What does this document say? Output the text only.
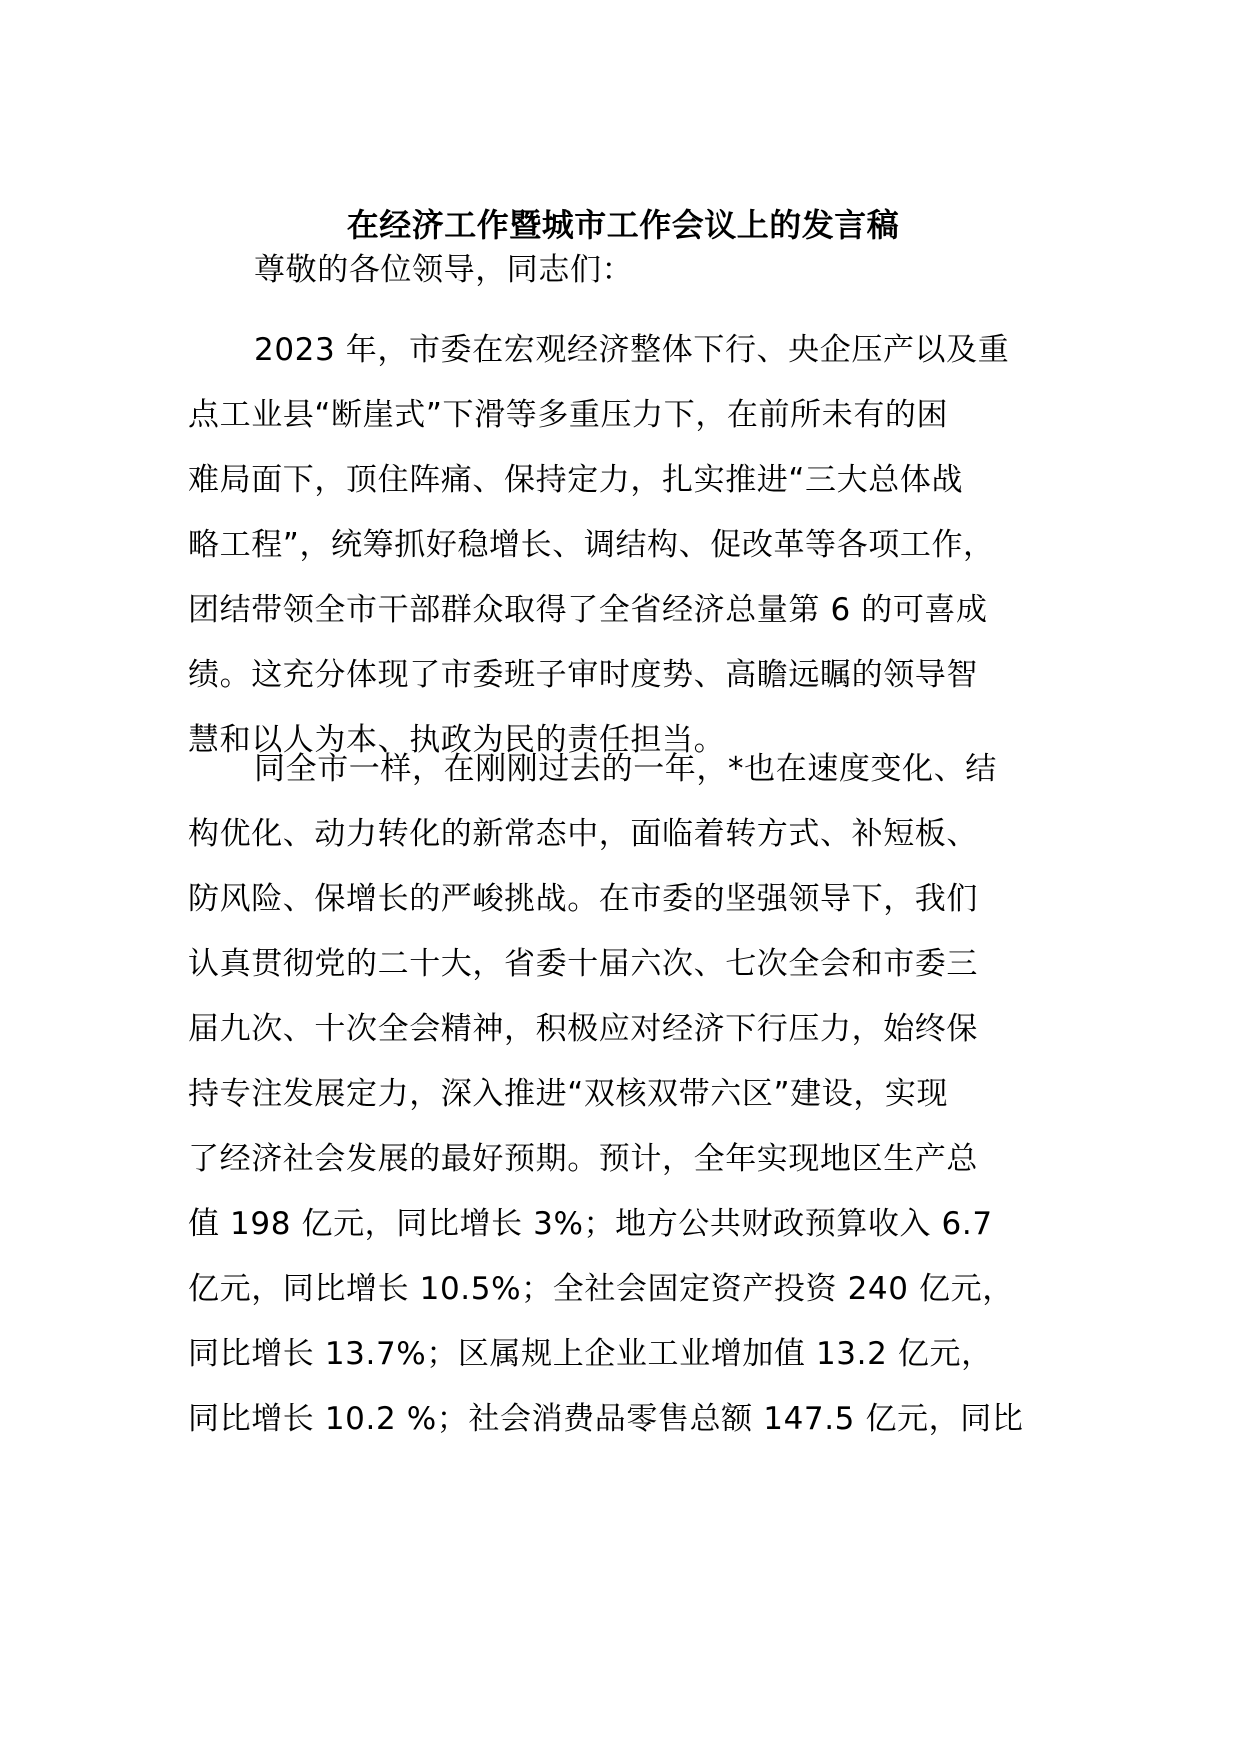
在经济工作暨城市工作会议上的发言稿

尊敬的各位领导，同志们：

2023 年，市委在宏观经济整体下行、央企压产以及重

点工业县“断崖式”下滑等多重压力下，在前所未有的困

难局面下，顶住阵痛、保持定力，扎实推进“三大总体战

略工程”，统筹抓好稳增长、调结构、促改革等各项工作，

团结带领全市干部群众取得了全省经济总量第 6 的可喜成

绩。这充分体现了市委班子审时度势、高瞻远瞩的领导智

慧和以人为本、执政为民的责任担当。

同全市一样，在刚刚过去的一年，*也在速度变化、结

构优化、动力转化的新常态中，面临着转方式、补短板、

防风险、保增长的严峻挑战。在市委的坚强领导下，我们

认真贯彻党的二十大，省委十届六次、七次全会和市委三

届九次、十次全会精神，积极应对经济下行压力，始终保

持专注发展定力，深入推进“双核双带六区”建设，实现

了经济社会发展的最好预期。预计，全年实现地区生产总

值 198 亿元，同比增长 3%；地方公共财政预算收入 6.7

亿元，同比增长 10.5%；全社会固定资产投资 240 亿元，

同比增长 13.7%；区属规上企业工业增加值 13.2 亿元，

同比增长 10.2 %；社会消费品零售总额 147.5 亿元，同比
